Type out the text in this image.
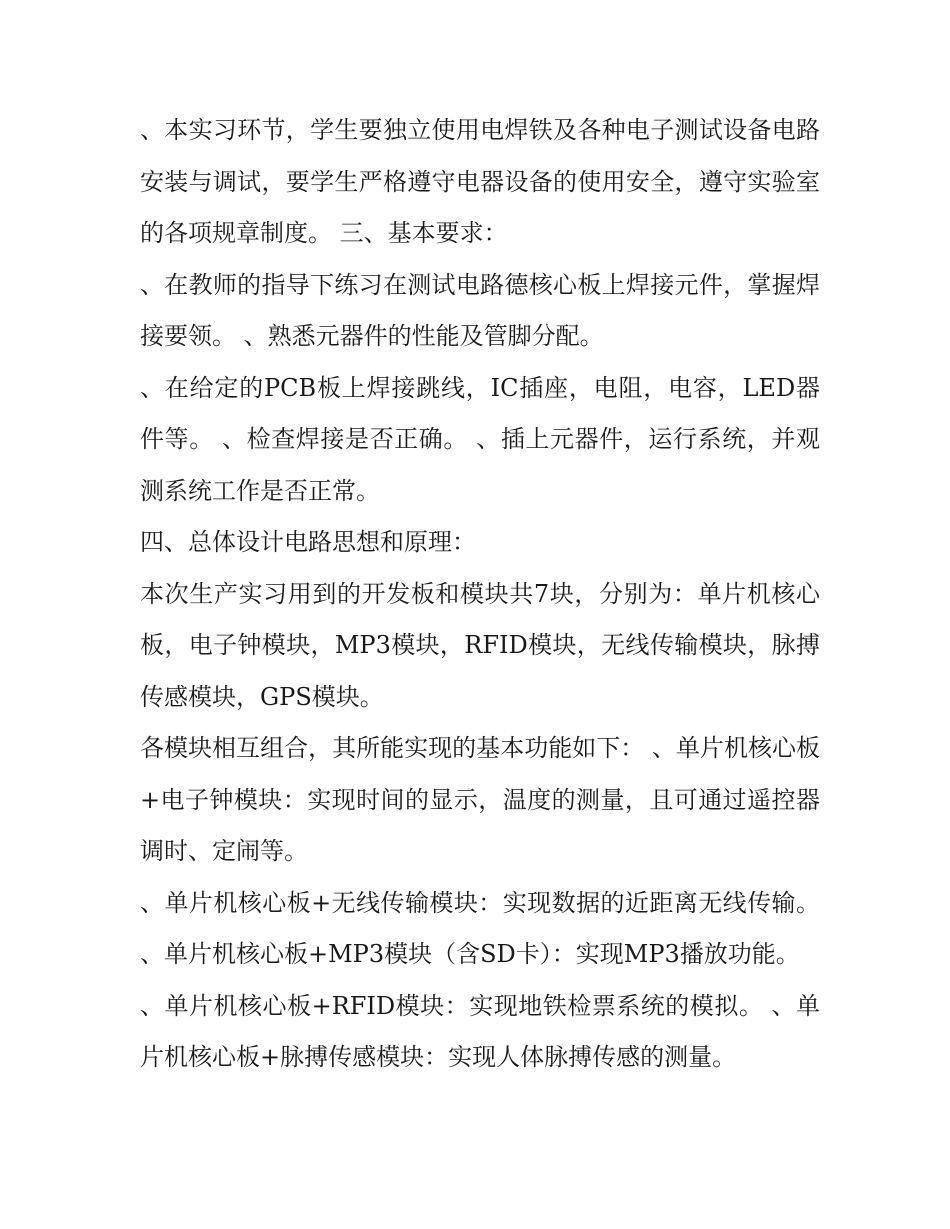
、本实习环节，学生要独立使用电焊铁及各种电子测试设备电路安装与调试，要学生严格遵守电器设备的使用安全，遵守实验室的各项规章制度。 三、基本要求：

、在教师的指导下练习在测试电路德核心板上焊接元件，掌握焊接要领。 、熟悉元器件的性能及管脚分配。

、在给定的PCB板上焊接跳线，IC插座，电阻，电容，LED器件等。 、检查焊接是否正确。 、插上元器件，运行系统，并观测系统工作是否正常。

四、总体设计电路思想和原理：

本次生产实习用到的开发板和模块共7块，分别为：单片机核心板，电子钟模块，MP3模块，RFID模块，无线传输模块，脉搏传感模块，GPS模块。

各模块相互组合，其所能实现的基本功能如下： 、单片机核心板+电子钟模块：实现时间的显示，温度的测量，且可通过遥控器调时、定闹等。

、单片机核心板+无线传输模块：实现数据的近距离无线传输。 、单片机核心板+MP3模块（含SD卡）：实现MP3播放功能。

、单片机核心板+RFID模块：实现地铁检票系统的模拟。 、单片机核心板+脉搏传感模块：实现人体脉搏传感的测量。
